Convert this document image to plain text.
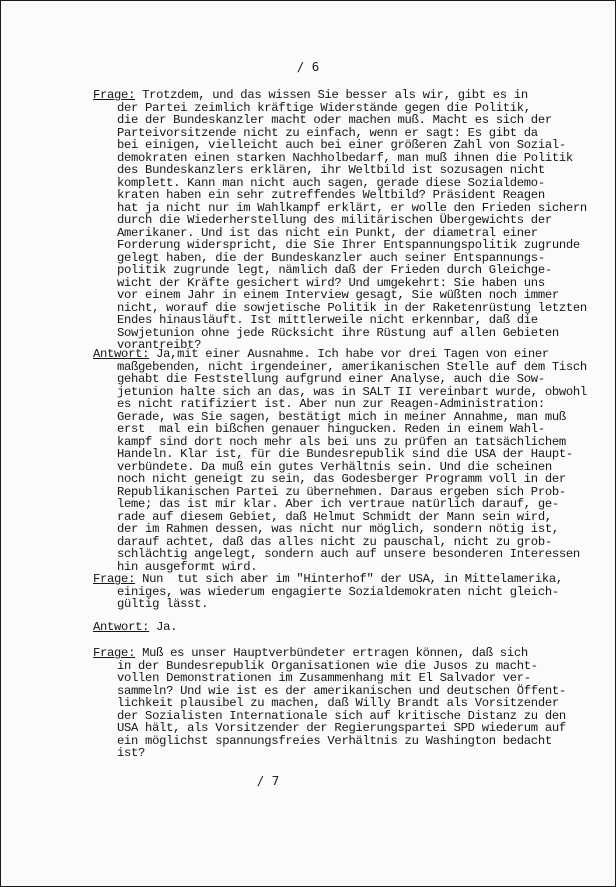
/ 6
Frage: Trotzdem, und das wissen Sie besser als wir, gibt es in
der Partei zeimlich kräftige Widerstände gegen die Politik,
die der Bundeskanzler macht oder machen muß. Macht es sich der
Parteivorsitzende nicht zu einfach, wenn er sagt: Es gibt da
bei einigen, vielleicht auch bei einer größeren Zahl von Sozial-
demokraten einen starken Nachholbedarf, man muß ihnen die Politik
des Bundeskanzlers erklären, ihr Weltbild ist sozusagen nicht
komplett. Kann man nicht auch sagen, gerade diese Sozialdemo-
kraten haben ein sehr zutreffendes Weltbild? Präsident Reagen
hat ja nicht nur im Wahlkampf erklärt, er wolle den Frieden sichern
durch die Wiederherstellung des militärischen Übergewichts der
Amerikaner. Und ist das nicht ein Punkt, der diametral einer
Forderung widerspricht, die Sie Ihrer Entspannungspolitik zugrunde
gelegt haben, die der Bundeskanzler auch seiner Entspannungs-
politik zugrunde legt, nämlich daß der Frieden durch Gleichge-
wicht der Kräfte gesichert wird? Und umgekehrt: Sie haben uns
vor einem Jahr in einem Interview gesagt, Sie wüßten noch immer
nicht, worauf die sowjetische Politik in der Raketenrüstung letzten
Endes hinausläuft. Ist mittlerweile nicht erkennbar, daß die
Sowjetunion ohne jede Rücksicht ihre Rüstung auf allen Gebieten
vorantreibt?
Antwort: Ja,mit einer Ausnahme. Ich habe vor drei Tagen von einer
maßgebenden, nicht irgendeiner, amerikanischen Stelle auf dem Tisch
gehabt die Feststellung aufgrund einer Analyse, auch die Sow-
jetunion halte sich an das, was in SALT II vereinbart wurde, obwohl
es nicht ratifiziert ist. Aber nun zur Reagen-Administration:
Gerade, was Sie sagen, bestätigt mich in meiner Annahme, man muß
erst  mal ein bißchen genauer hingucken. Reden in einem Wahl-
kampf sind dort noch mehr als bei uns zu prüfen an tatsächlichem
Handeln. Klar ist, für die Bundesrepublik sind die USA der Haupt-
verbündete. Da muß ein gutes Verhältnis sein. Und die scheinen
noch nicht geneigt zu sein, das Godesberger Programm voll in der
Republikanischen Partei zu übernehmen. Daraus ergeben sich Prob-
leme; das ist mir klar. Aber ich vertraue natürlich darauf, ge-
rade auf diesem Gebiet, daß Helmut Schmidt der Mann sein wird,
der im Rahmen dessen, was nicht nur möglich, sondern nötig ist,
darauf achtet, daß das alles nicht zu pauschal, nicht zu grob-
schlächtig angelegt, sondern auch auf unsere besonderen Interessen
hin ausgeformt wird.
Frage: Nun  tut sich aber im "Hinterhof" der USA, in Mittelamerika,
einiges, was wiederum engagierte Sozialdemokraten nicht gleich-
gültig lässt.
Antwort: Ja.
Frage: Muß es unser Hauptverbündeter ertragen können, daß sich
in der Bundesrepublik Organisationen wie die Jusos zu macht-
vollen Demonstrationen im Zusammenhang mit El Salvador ver-
sammeln? Und wie ist es der amerikanischen und deutschen Öffent-
lichkeit plausibel zu machen, daß Willy Brandt als Vorsitzender
der Sozialisten Internationale sich auf kritische Distanz zu den
USA hält, als Vorsitzender der Regierungspartei SPD wiederum auf
ein möglichst spannungsfreies Verhältnis zu Washington bedacht
ist?
/ 7
